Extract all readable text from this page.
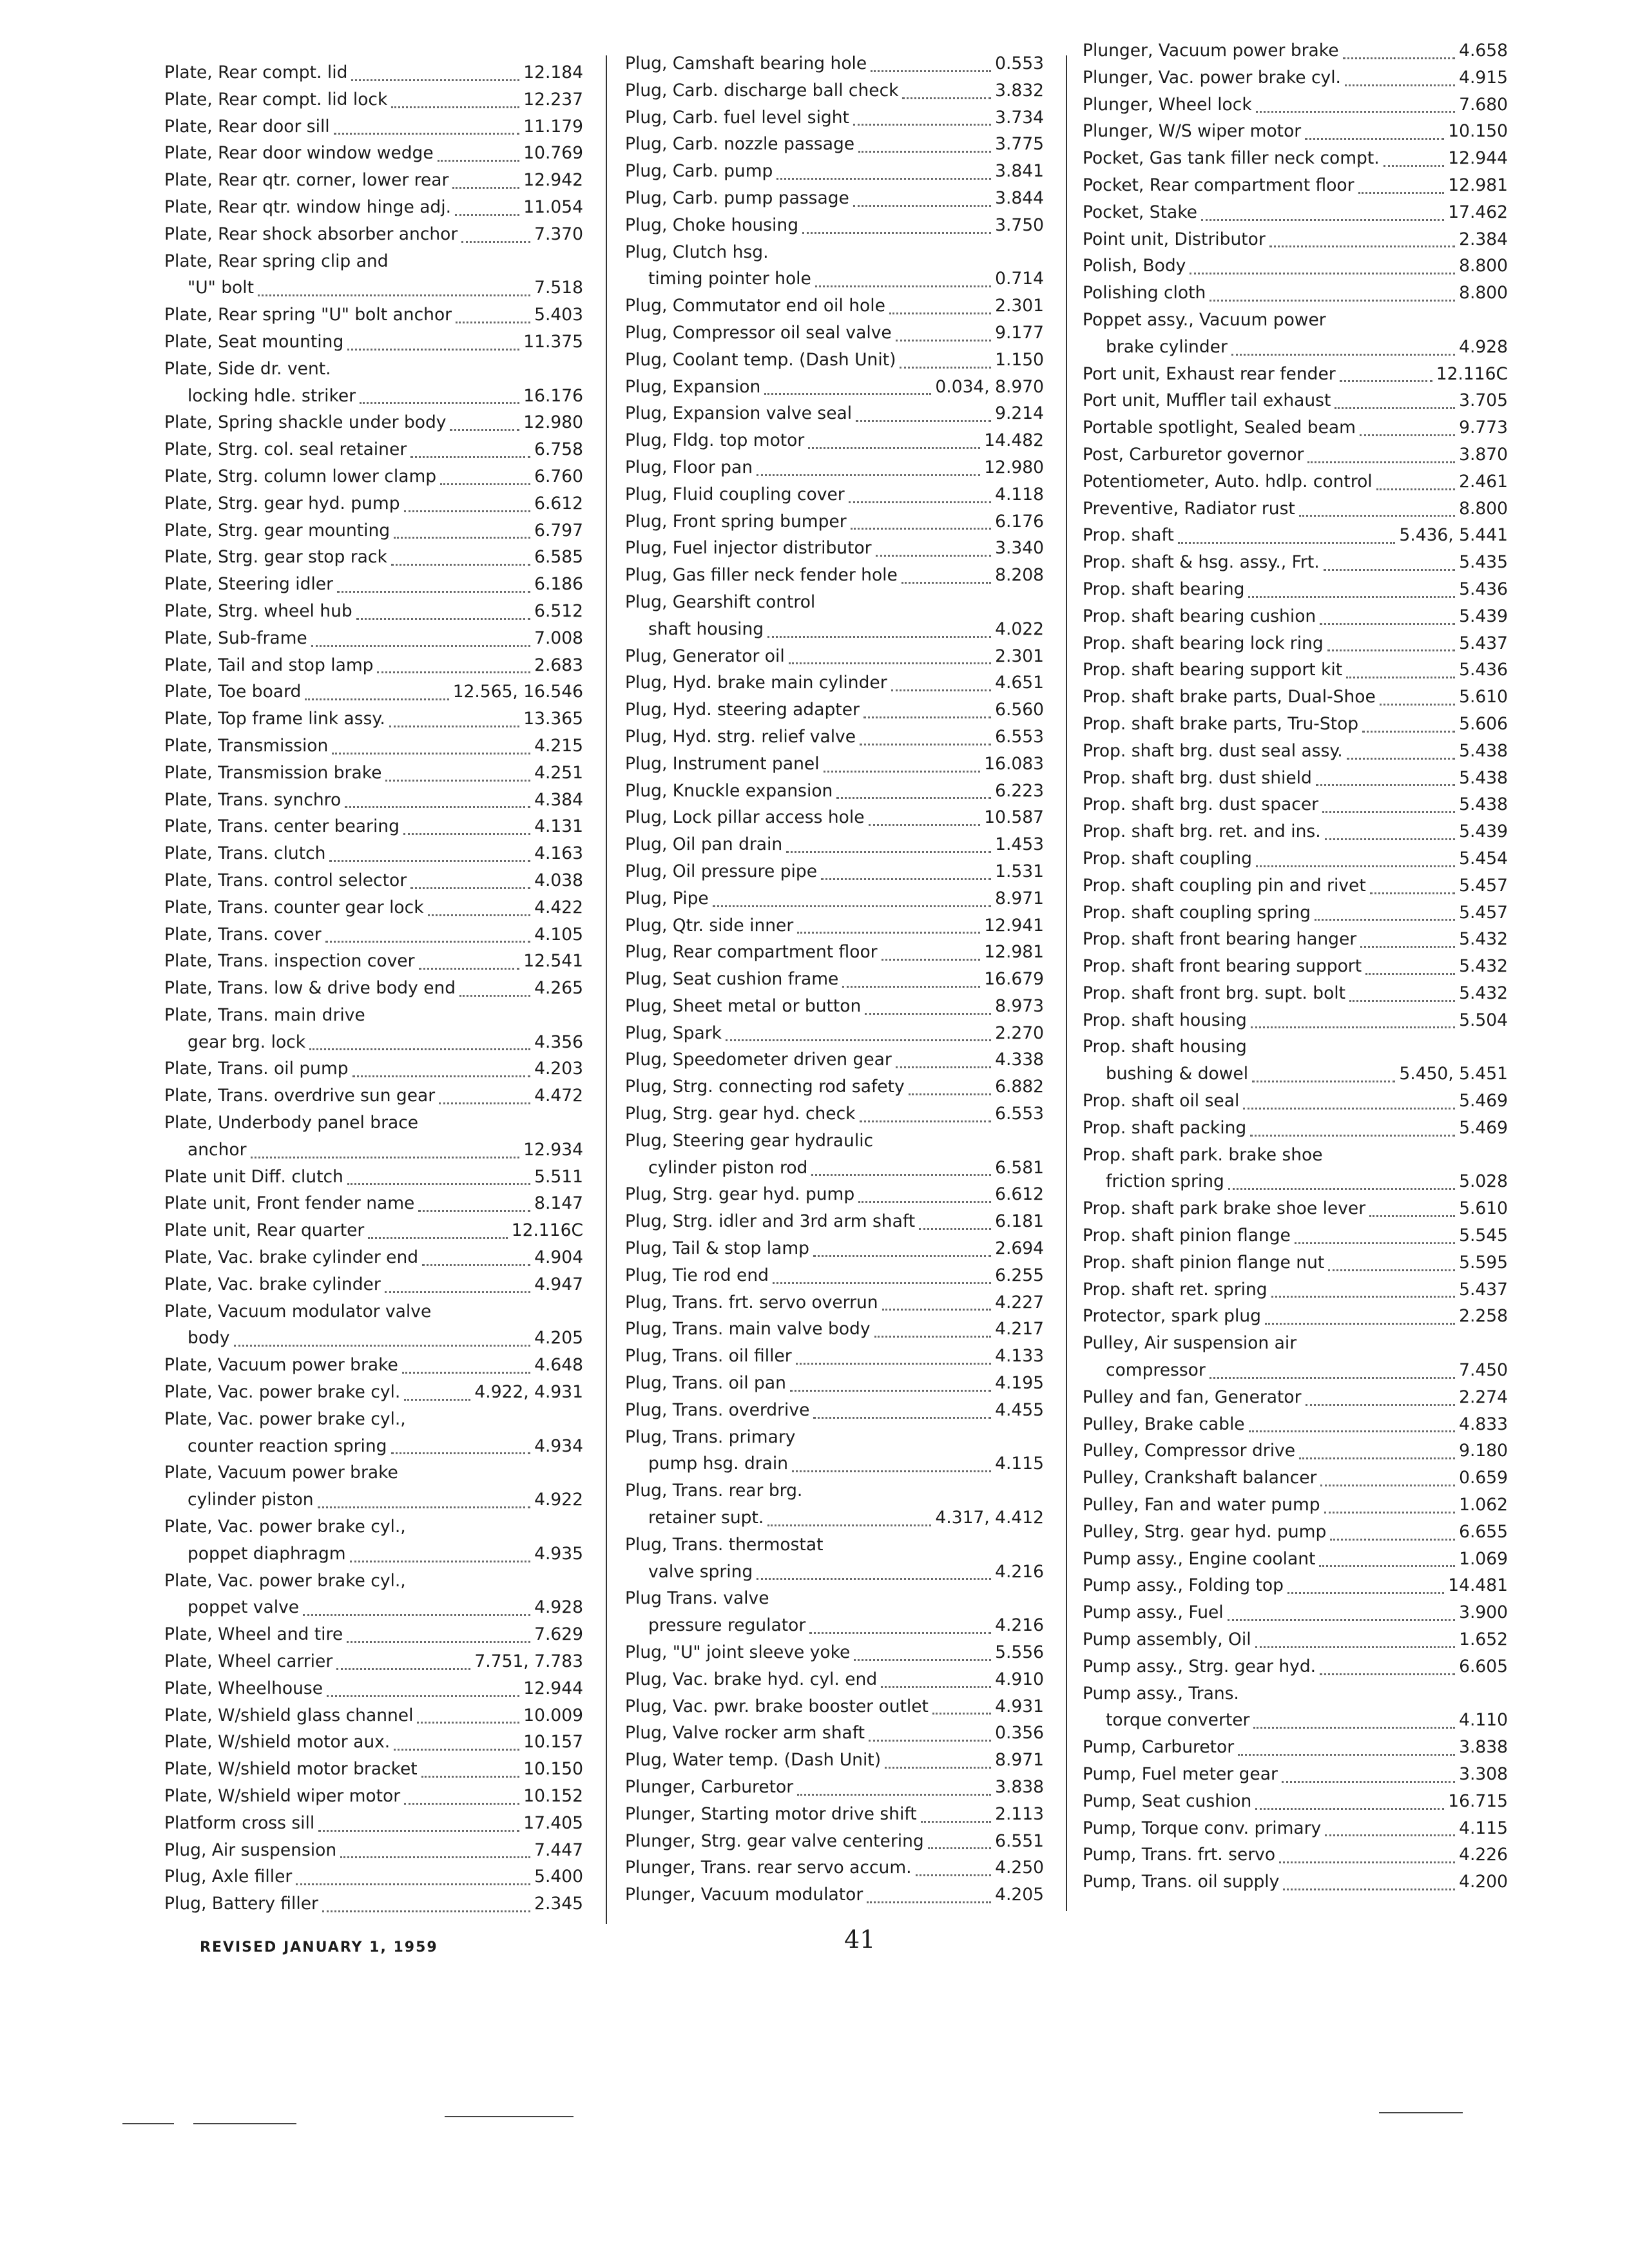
Plate, Rear compt. lid	12.184
Plate, Rear compt. lid lock	12.237
Plate, Rear door sill	11.179
Plate, Rear door window wedge	10.769
Plate, Rear qtr. corner, lower rear	12.942
Plate, Rear qtr. window hinge adj.	11.054
Plate, Rear shock absorber anchor	7.370
Plate, Rear spring clip and
"U" bolt	7.518
Plate, Rear spring "U" bolt anchor	5.403
Plate, Seat mounting	11.375
Plate, Side dr. vent.
locking hdle. striker	16.176
Plate, Spring shackle under body	12.980
Plate, Strg. col. seal retainer	6.758
Plate, Strg. column lower clamp	6.760
Plate, Strg. gear hyd. pump	6.612
Plate, Strg. gear mounting	6.797
Plate, Strg. gear stop rack	6.585
Plate, Steering idler	6.186
Plate, Strg. wheel hub	6.512
Plate, Sub-frame	7.008
Plate, Tail and stop lamp	2.683
Plate, Toe board	12.565, 16.546
Plate, Top frame link assy.	13.365
Plate, Transmission	4.215
Plate, Transmission brake	4.251
Plate, Trans. synchro	4.384
Plate, Trans. center bearing	4.131
Plate, Trans. clutch	4.163
Plate, Trans. control selector	4.038
Plate, Trans. counter gear lock	4.422
Plate, Trans. cover	4.105
Plate, Trans. inspection cover	12.541
Plate, Trans. low & drive body end	4.265
Plate, Trans. main drive
gear brg. lock	4.356
Plate, Trans. oil pump	4.203
Plate, Trans. overdrive sun gear	4.472
Plate, Underbody panel brace
anchor	12.934
Plate unit Diff. clutch	5.511
Plate unit, Front fender name	8.147
Plate unit, Rear quarter	12.116C
Plate, Vac. brake cylinder end	4.904
Plate, Vac. brake cylinder	4.947
Plate, Vacuum modulator valve
body	4.205
Plate, Vacuum power brake	4.648
Plate, Vac. power brake cyl.	4.922, 4.931
Plate, Vac. power brake cyl.,
counter reaction spring	4.934
Plate, Vacuum power brake
cylinder piston	4.922
Plate, Vac. power brake cyl.,
poppet diaphragm	4.935
Plate, Vac. power brake cyl.,
poppet valve	4.928
Plate, Wheel and tire	7.629
Plate, Wheel carrier	7.751, 7.783
Plate, Wheelhouse	12.944
Plate, W/shield glass channel	10.009
Plate, W/shield motor aux.	10.157
Plate, W/shield motor bracket	10.150
Plate, W/shield wiper motor	10.152
Platform cross sill	17.405
Plug, Air suspension	7.447
Plug, Axle filler	5.400
Plug, Battery filler	2.345
Plug, Camshaft bearing hole	0.553
Plug, Carb. discharge ball check	3.832
Plug, Carb. fuel level sight	3.734
Plug, Carb. nozzle passage	3.775
Plug, Carb. pump	3.841
Plug, Carb. pump passage	3.844
Plug, Choke housing	3.750
Plug, Clutch hsg.
timing pointer hole	0.714
Plug, Commutator end oil hole	2.301
Plug, Compressor oil seal valve	9.177
Plug, Coolant temp. (Dash Unit)	1.150
Plug, Expansion	0.034, 8.970
Plug, Expansion valve seal	9.214
Plug, Fldg. top motor	14.482
Plug, Floor pan	12.980
Plug, Fluid coupling cover	4.118
Plug, Front spring bumper	6.176
Plug, Fuel injector distributor	3.340
Plug, Gas filler neck fender hole	8.208
Plug, Gearshift control
shaft housing	4.022
Plug, Generator oil	2.301
Plug, Hyd. brake main cylinder	4.651
Plug, Hyd. steering adapter	6.560
Plug, Hyd. strg. relief valve	6.553
Plug, Instrument panel	16.083
Plug, Knuckle expansion	6.223
Plug, Lock pillar access hole	10.587
Plug, Oil pan drain	1.453
Plug, Oil pressure pipe	1.531
Plug, Pipe	8.971
Plug, Qtr. side inner	12.941
Plug, Rear compartment floor	12.981
Plug, Seat cushion frame	16.679
Plug, Sheet metal or button	8.973
Plug, Spark	2.270
Plug, Speedometer driven gear	4.338
Plug, Strg. connecting rod safety	6.882
Plug, Strg. gear hyd. check	6.553
Plug, Steering gear hydraulic
cylinder piston rod	6.581
Plug, Strg. gear hyd. pump	6.612
Plug, Strg. idler and 3rd arm shaft	6.181
Plug, Tail & stop lamp	2.694
Plug, Tie rod end	6.255
Plug, Trans. frt. servo overrun	4.227
Plug, Trans. main valve body	4.217
Plug, Trans. oil filler	4.133
Plug, Trans. oil pan	4.195
Plug, Trans. overdrive	4.455
Plug, Trans. primary
pump hsg. drain	4.115
Plug, Trans. rear brg.
retainer supt.	4.317, 4.412
Plug, Trans. thermostat
valve spring	4.216
Plug Trans. valve
pressure regulator	4.216
Plug, "U" joint sleeve yoke	5.556
Plug, Vac. brake hyd. cyl. end	4.910
Plug, Vac. pwr. brake booster outlet	4.931
Plug, Valve rocker arm shaft	0.356
Plug, Water temp. (Dash Unit)	8.971
Plunger, Carburetor	3.838
Plunger, Starting motor drive shift	2.113
Plunger, Strg. gear valve centering	6.551
Plunger, Trans. rear servo accum.	4.250
Plunger, Vacuum modulator	4.205
Plunger, Vacuum power brake	4.658
Plunger, Vac. power brake cyl.	4.915
Plunger, Wheel lock	7.680
Plunger, W/S wiper motor	10.150
Pocket, Gas tank filler neck compt.	12.944
Pocket, Rear compartment floor	12.981
Pocket, Stake	17.462
Point unit, Distributor	2.384
Polish, Body	8.800
Polishing cloth	8.800
Poppet assy., Vacuum power
brake cylinder	4.928
Port unit, Exhaust rear fender	12.116C
Port unit, Muffler tail exhaust	3.705
Portable spotlight, Sealed beam	9.773
Post, Carburetor governor	3.870
Potentiometer, Auto. hdlp. control	2.461
Preventive, Radiator rust	8.800
Prop. shaft	5.436, 5.441
Prop. shaft & hsg. assy., Frt.	5.435
Prop. shaft bearing	5.436
Prop. shaft bearing cushion	5.439
Prop. shaft bearing lock ring	5.437
Prop. shaft bearing support kit	5.436
Prop. shaft brake parts, Dual-Shoe	5.610
Prop. shaft brake parts, Tru-Stop	5.606
Prop. shaft brg. dust seal assy.	5.438
Prop. shaft brg. dust shield	5.438
Prop. shaft brg. dust spacer	5.438
Prop. shaft brg. ret. and ins.	5.439
Prop. shaft coupling	5.454
Prop. shaft coupling pin and rivet	5.457
Prop. shaft coupling spring	5.457
Prop. shaft front bearing hanger	5.432
Prop. shaft front bearing support	5.432
Prop. shaft front brg. supt. bolt	5.432
Prop. shaft housing	5.504
Prop. shaft housing
bushing & dowel	5.450, 5.451
Prop. shaft oil seal	5.469
Prop. shaft packing	5.469
Prop. shaft park. brake shoe
friction spring	5.028
Prop. shaft park brake shoe lever	5.610
Prop. shaft pinion flange	5.545
Prop. shaft pinion flange nut	5.595
Prop. shaft ret. spring	5.437
Protector, spark plug	2.258
Pulley, Air suspension air
compressor	7.450
Pulley and fan, Generator	2.274
Pulley, Brake cable	4.833
Pulley, Compressor drive	9.180
Pulley, Crankshaft balancer	0.659
Pulley, Fan and water pump	1.062
Pulley, Strg. gear hyd. pump	6.655
Pump assy., Engine coolant	1.069
Pump assy., Folding top	14.481
Pump assy., Fuel	3.900
Pump assembly, Oil	1.652
Pump assy., Strg. gear hyd.	6.605
Pump assy., Trans.
torque converter	4.110
Pump, Carburetor	3.838
Pump, Fuel meter gear	3.308
Pump, Seat cushion	16.715
Pump, Torque conv. primary	4.115
Pump, Trans. frt. servo	4.226
Pump, Trans. oil supply	4.200
REVISED JANUARY 1, 1959	41
